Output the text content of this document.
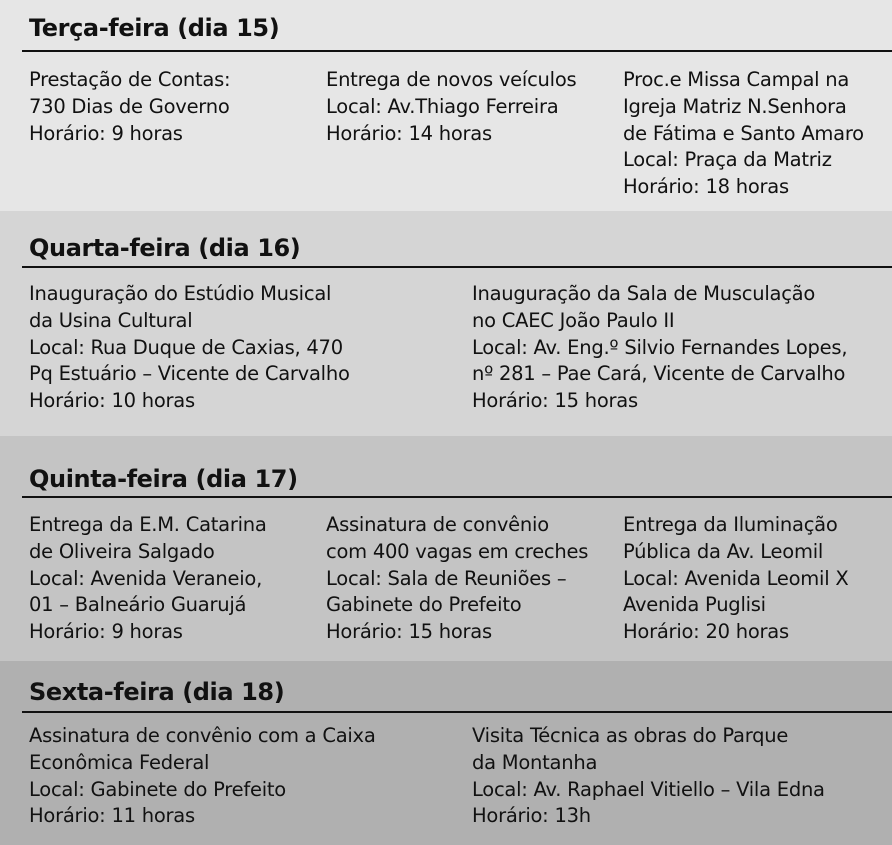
Terça-feira (dia 15)
Prestação de Contas:
730 Dias de Governo
Horário: 9 horas
Entrega de novos veículos
Local: Av.Thiago Ferreira
Horário: 14 horas
Proc.e Missa Campal na
Igreja Matriz N.Senhora
de Fátima e Santo Amaro
Local: Praça da Matriz
Horário: 18 horas
Quarta-feira (dia 16)
Inauguração do Estúdio Musical
da Usina Cultural
Local: Rua Duque de Caxias, 470
Pq Estuário – Vicente de Carvalho
Horário: 10 horas
Inauguração da Sala de Musculação
no CAEC João Paulo II
Local: Av. Eng.º Silvio Fernandes Lopes,
nº 281 – Pae Cará, Vicente de Carvalho
Horário: 15 horas
Quinta-feira (dia 17)
Entrega da E.M. Catarina
de Oliveira Salgado
Local: Avenida Veraneio,
01 – Balneário Guarujá
Horário: 9 horas
Assinatura de convênio
com 400 vagas em creches
Local: Sala de Reuniões –
Gabinete do Prefeito
Horário: 15 horas
Entrega da Iluminação
Pública da Av. Leomil
Local: Avenida Leomil X
Avenida Puglisi
Horário: 20 horas
Sexta-feira (dia 18)
Assinatura de convênio com a Caixa
Econômica Federal
Local: Gabinete do Prefeito
Horário: 11 horas
Visita Técnica as obras do Parque
da Montanha
Local: Av. Raphael Vitiello – Vila Edna
Horário: 13h
